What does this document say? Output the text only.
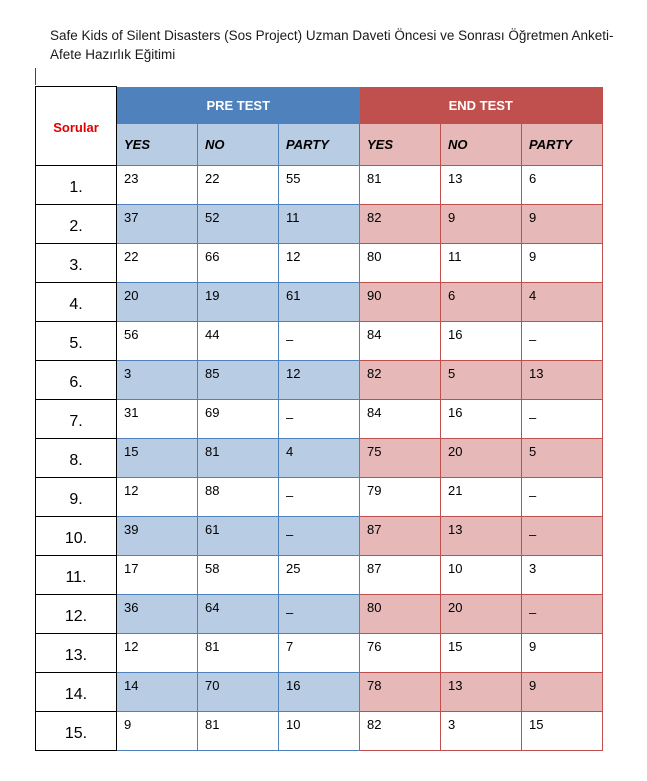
Safe Kids of Silent Disasters (Sos Project) Uzman Daveti Öncesi ve Sonrası Öğretmen Anketi-Afete Hazırlık Eğitimi
Sorular	PRE TEST			END TEST		
	YES	NO	PARTY	YES	NO	PARTY
1.	23	22	55	81	13	6
2.	37	52	11	82	9	9
3.	22	66	12	80	11	9
4.	20	19	61	90	6	4
5.	56	44	–	84	16	–
6.	3	85	12	82	5	13
7.	31	69	–	84	16	–
8.	15	81	4	75	20	5
9.	12	88	–	79	21	–
10.	39	61	–	87	13	–
11.	17	58	25	87	10	3
12.	36	64	–	80	20	–
13.	12	81	7	76	15	9
14.	14	70	16	78	13	9
15.	9	81	10	82	3	15
